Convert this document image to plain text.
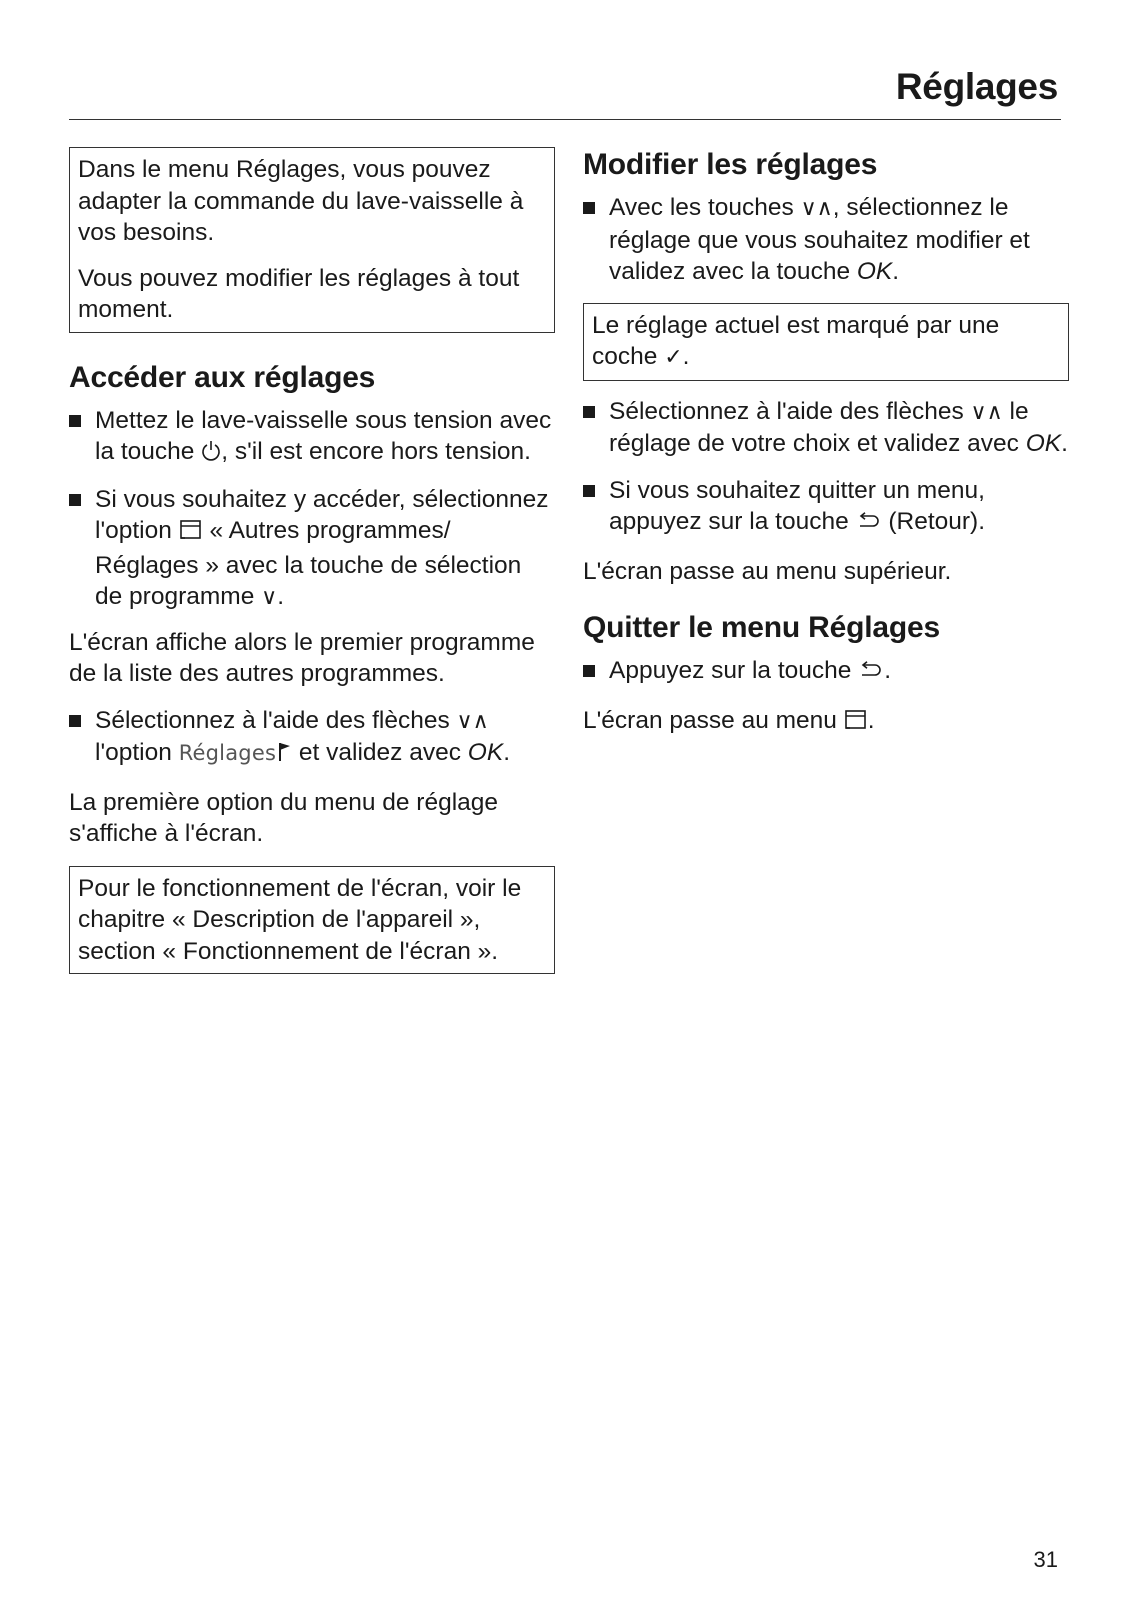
Réglages

Dans le menu Réglages, vous pouvez adapter la commande du lave-vaisselle à vos besoins.

Vous pouvez modifier les réglages à tout moment.

Accéder aux réglages
Mettez le lave-vaisselle sous tension avec la touche , s'il est encore hors tension.
Si vous souhaitez y accéder, sélectionnez l'option  « Autres programmes/ Réglages » avec la touche de sélection de programme ∨.

L'écran affiche alors le premier programme de la liste des autres programmes.

Sélectionnez à l'aide des flèches ∨∧ l'option Réglages et validez avec OK.

La première option du menu de réglage s'affiche à l'écran.

Pour le fonctionnement de l'écran, voir le chapitre « Description de l'appareil », section « Fonctionnement de l'écran ».

Modifier les réglages
Avec les touches ∨∧, sélectionnez le réglage que vous souhaitez modifier et validez avec la touche OK.

Le réglage actuel est marqué par une coche ✓.

Sélectionnez à l'aide des flèches ∨∧ le réglage de votre choix et validez avec OK.
Si vous souhaitez quitter un menu, appuyez sur la touche  (Retour).

L'écran passe au menu supérieur.

Quitter le menu Réglages
Appuyez sur la touche .

L'écran passe au menu .

31
